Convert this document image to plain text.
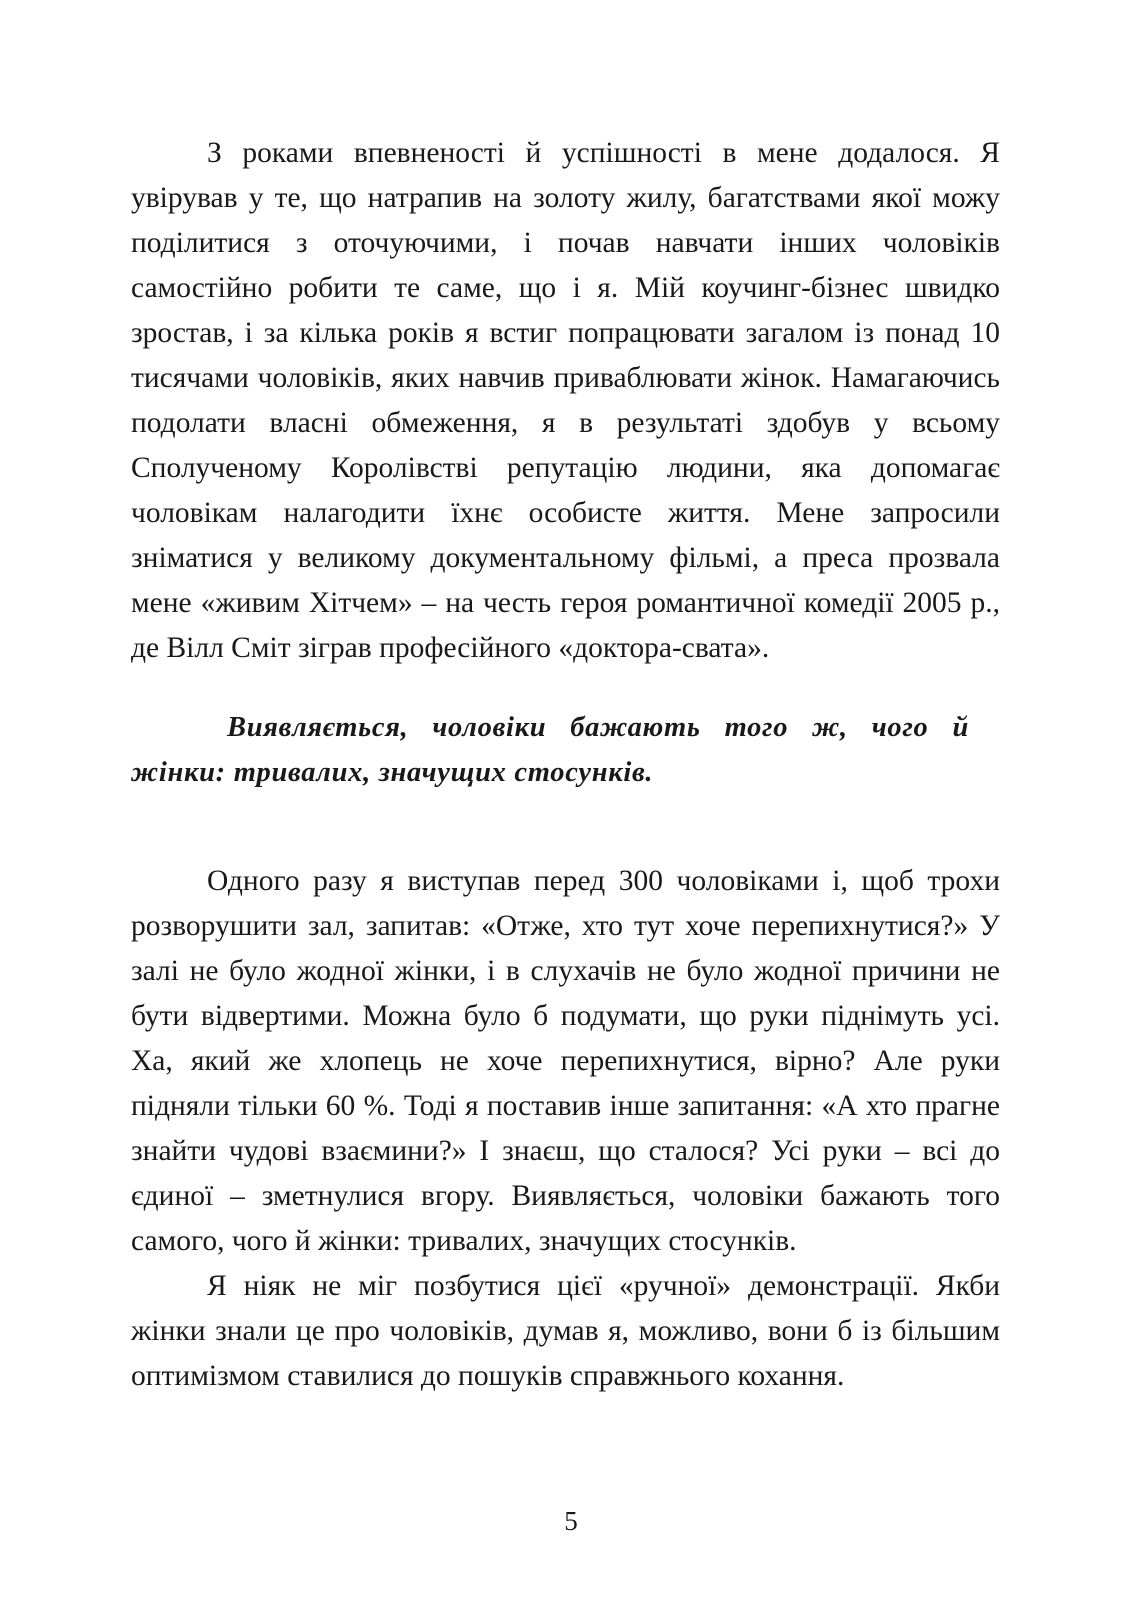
З роками впевненості й успішності в мене додалося. Я увірував у те, що натрапив на золоту жилу, багатствами якої можу поділитися з оточуючими, і почав навчати інших чоловіків самостійно робити те саме, що і я. Мій коучинг-бізнес швидко зростав, і за кілька років я встиг попрацювати загалом із понад 10 тисячами чоловіків, яких навчив приваблювати жінок. Намагаючись подолати власні обмеження, я в результаті здобув у всьому Сполученому Королівстві репутацію людини, яка допомагає чоловікам налагодити їхнє особисте життя. Мене запросили зніматися у великому документальному фільмі, а преса прозвала мене «живим Хітчем» – на честь героя романтичної комедії 2005 р., де Вілл Сміт зіграв професійного «доктора-свата».

Виявляється, чоловіки бажають того ж, чого й жінки: тривалих, значущих стосунків.

Одного разу я виступав перед 300 чоловіками і, щоб трохи розворушити зал, запитав: «Отже, хто тут хоче перепихнутися?» У залі не було жодної жінки, і в слухачів не було жодної причини не бути відвертими. Можна було б подумати, що руки піднімуть усі. Ха, який же хлопець не хоче перепихнутися, вірно? Але руки підняли тільки 60 %. Тоді я поставив інше запитання: «А хто прагне знайти чудові взаємини?» І знаєш, що сталося? Усі руки – всі до єдиної – зметнулися вгору. Виявляється, чоловіки бажають того самого, чого й жінки: тривалих, значущих стосунків.

Я ніяк не міг позбутися цієї «ручної» демонстрації. Якби жінки знали це про чоловіків, думав я, можливо, вони б із більшим оптимізмом ставилися до пошуків справжнього кохання.

5
